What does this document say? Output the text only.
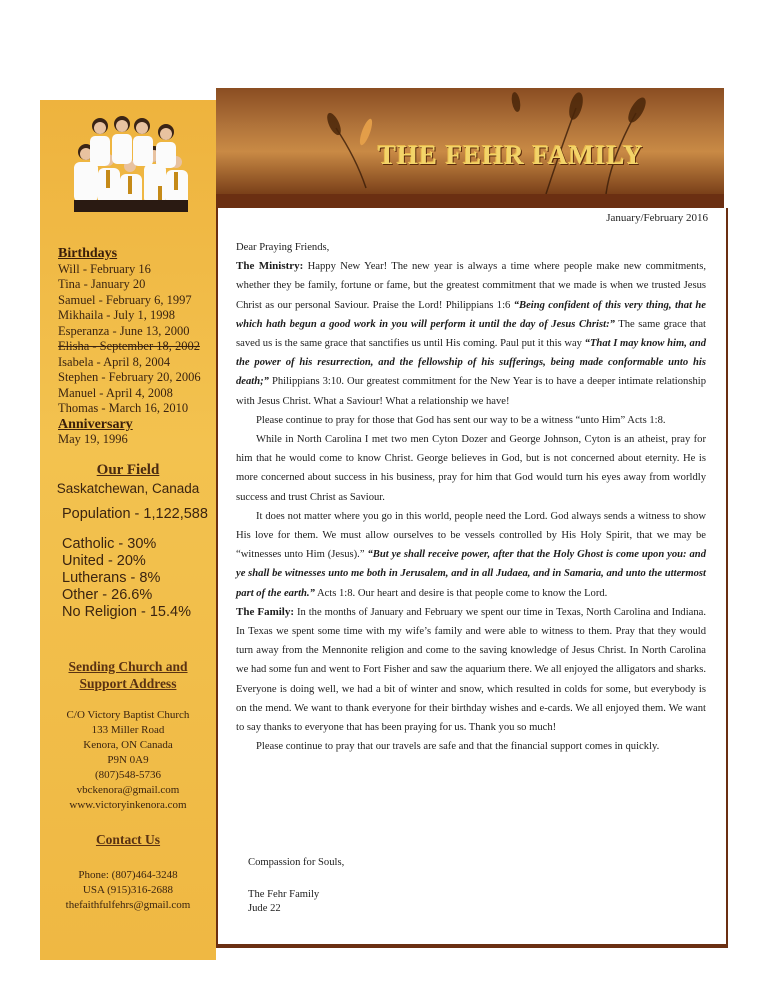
THE FEHR FAMILY
Birthdays
Will - February 16
Tina - January 20
Samuel - February 6, 1997
Mikhaila - July 1, 1998
Esperanza - June 13, 2000
Elisha - September 18, 2002
Isabela - April 8, 2004
Stephen - February 20, 2006
Manuel - April 4, 2008
Thomas - March 16, 2010
Anniversary
May 19, 1996
Our Field
Saskatchewan, Canada
Population - 1,122,588
Catholic - 30%
United - 20%
Lutherans - 8%
Other - 26.6%
No Religion - 15.4%
Sending Church and
Support Address
C/O Victory Baptist Church
133 Miller Road
Kenora, ON Canada
P9N 0A9
(807)548-5736
vbckenora@gmail.com
www.victoryinkenora.com
Contact Us
Phone: (807)464-3248
USA (915)316-2688
thefaithfulfehrs@gmail.com
January/February 2016

Dear Praying Friends,

The Ministry: Happy New Year! The new year is always a time where people make new commitments, whether they be family, fortune or fame, but the greatest commitment that we made is when we trusted Jesus Christ as our personal Saviour. Praise the Lord! Philippians 1:6 “Being confident of this very thing, that he which hath begun a good work in you will perform it until the day of Jesus Christ:” The same grace that saved us is the same grace that sanctifies us until His coming. Paul put it this way “That I may know him, and the power of his resurrection, and the fellowship of his sufferings, being made conformable unto his death;” Philippians 3:10. Our greatest commitment for the New Year is to have a deeper intimate relationship with Jesus Christ. What a Saviour! What a relationship we have!

Please continue to pray for those that God has sent our way to be a witness “unto Him” Acts 1:8.

While in North Carolina I met two men Cyton Dozer and George Johnson, Cyton is an atheist, pray for him that he would come to know Christ. George believes in God, but is not concerned about eternity. He is more concerned about success in his business, pray for him that God would turn his eyes away from worldly success and trust Christ as Saviour.

It does not matter where you go in this world, people need the Lord. God always sends a witness to show His love for them. We must allow ourselves to be vessels controlled by His Holy Spirit, that we may be “witnesses unto Him (Jesus).” “But ye shall receive power, after that the Holy Ghost is come upon you: and ye shall be witnesses unto me both in Jerusalem, and in all Judaea, and in Samaria, and unto the uttermost part of the earth.” Acts 1:8. Our heart and desire is that people come to know the Lord.

The Family: In the months of January and February we spent our time in Texas, North Carolina and Indiana. In Texas we spent some time with my wife’s family and were able to witness to them. Pray that they would turn away from the Mennonite religion and come to the saving knowledge of Jesus Christ. In North Carolina we had some fun and went to Fort Fisher and saw the aquarium there. We all enjoyed the alligators and sharks. Everyone is doing well, we had a bit of winter and snow, which resulted in colds for some, but everybody is on the mend. We want to thank everyone for their birthday wishes and e-cards. We all enjoyed them. We want to say thanks to everyone that has been praying for us. Thank you so much!

Please continue to pray that our travels are safe and that the financial support comes in quickly.

Compassion for Souls,
The Fehr Family
Jude 22
